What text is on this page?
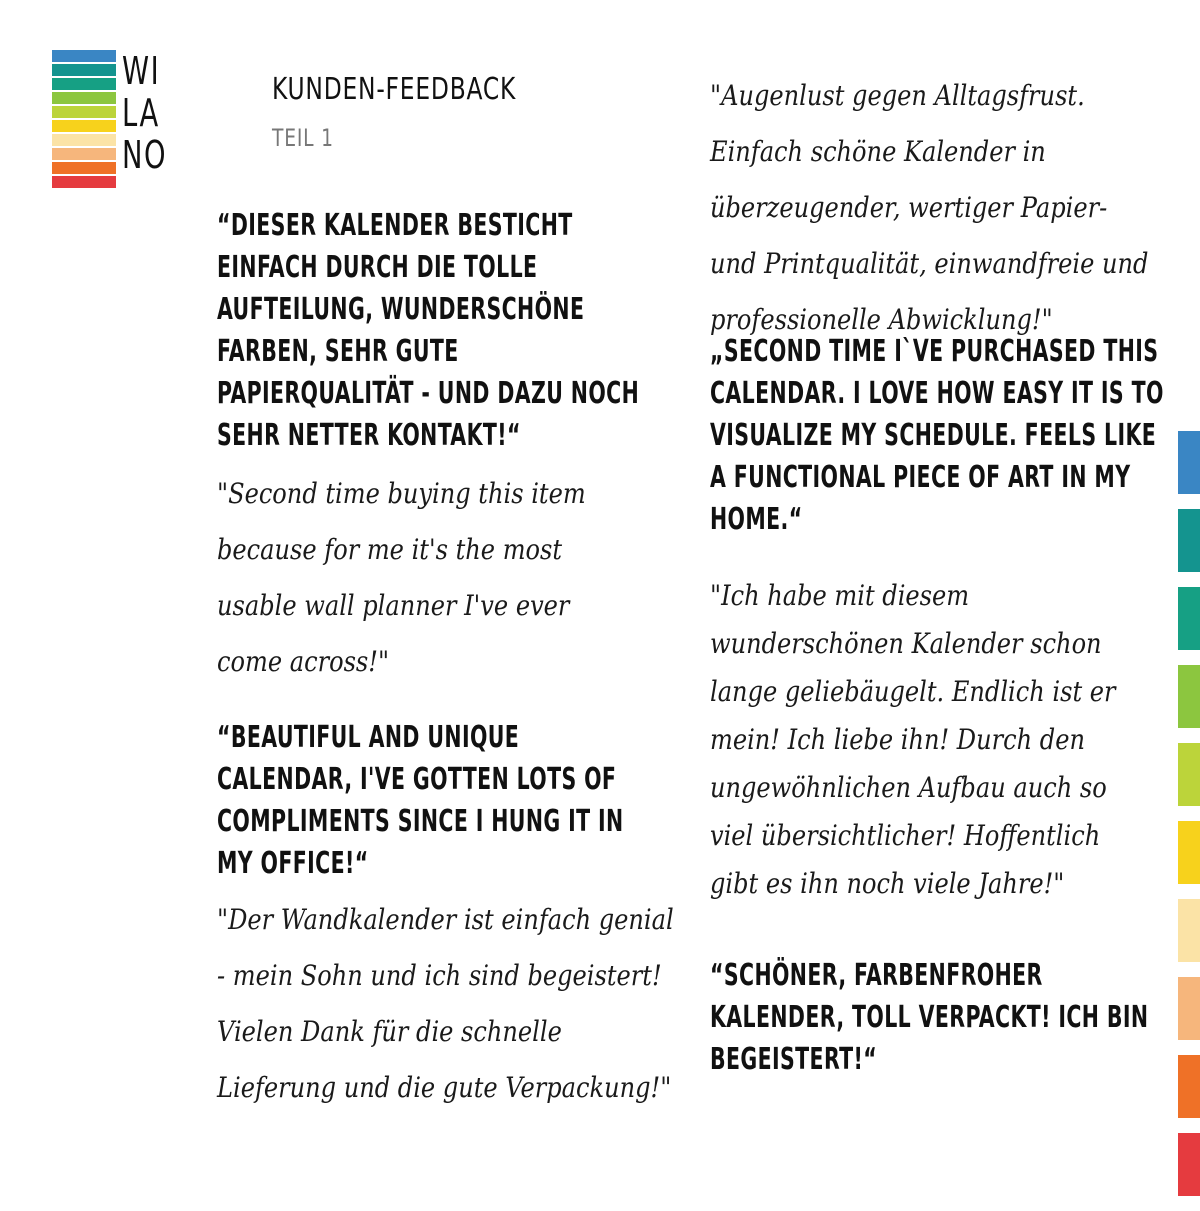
WI
LA
NO
KUNDEN-FEEDBACK
TEIL 1
“DIESER KALENDER BESTICHT EINFACH DURCH DIE TOLLE AUFTEILUNG, WUNDERSCHÖNE FARBEN, SEHR GUTE PAPIERQUALITÄT - UND DAZU NOCH SEHR NETTER KONTAKT!“
"Second time buying this item because for me it's the most usable wall planner I've ever come across!"
“BEAUTIFUL AND UNIQUE CALENDAR, I'VE GOTTEN LOTS OF COMPLIMENTS SINCE I HUNG IT IN MY OFFICE!“
"Der Wandkalender ist einfach genial - mein Sohn und ich sind begeistert! Vielen Dank für die schnelle Lieferung und die gute Verpackung!"
"Augenlust gegen Alltagsfrust. Einfach schöne Kalender in überzeugender, wertiger Papier- und Printqualität, einwandfreie und professionelle Abwicklung!"
„SECOND TIME I`VE PURCHASED THIS CALENDAR. I LOVE HOW EASY IT IS TO VISUALIZE MY SCHEDULE. FEELS LIKE A FUNCTIONAL PIECE OF ART IN MY HOME.“
"Ich habe mit diesem wunderschönen Kalender schon lange geliebäugelt. Endlich ist er mein! Ich liebe ihn! Durch den ungewöhnlichen Aufbau auch so viel übersichtlicher! Hoffentlich gibt es ihn noch viele Jahre!"
“SCHÖNER, FARBENFROHER KALENDER, TOLL VERPACKT! ICH BIN BEGEISTERT!“
